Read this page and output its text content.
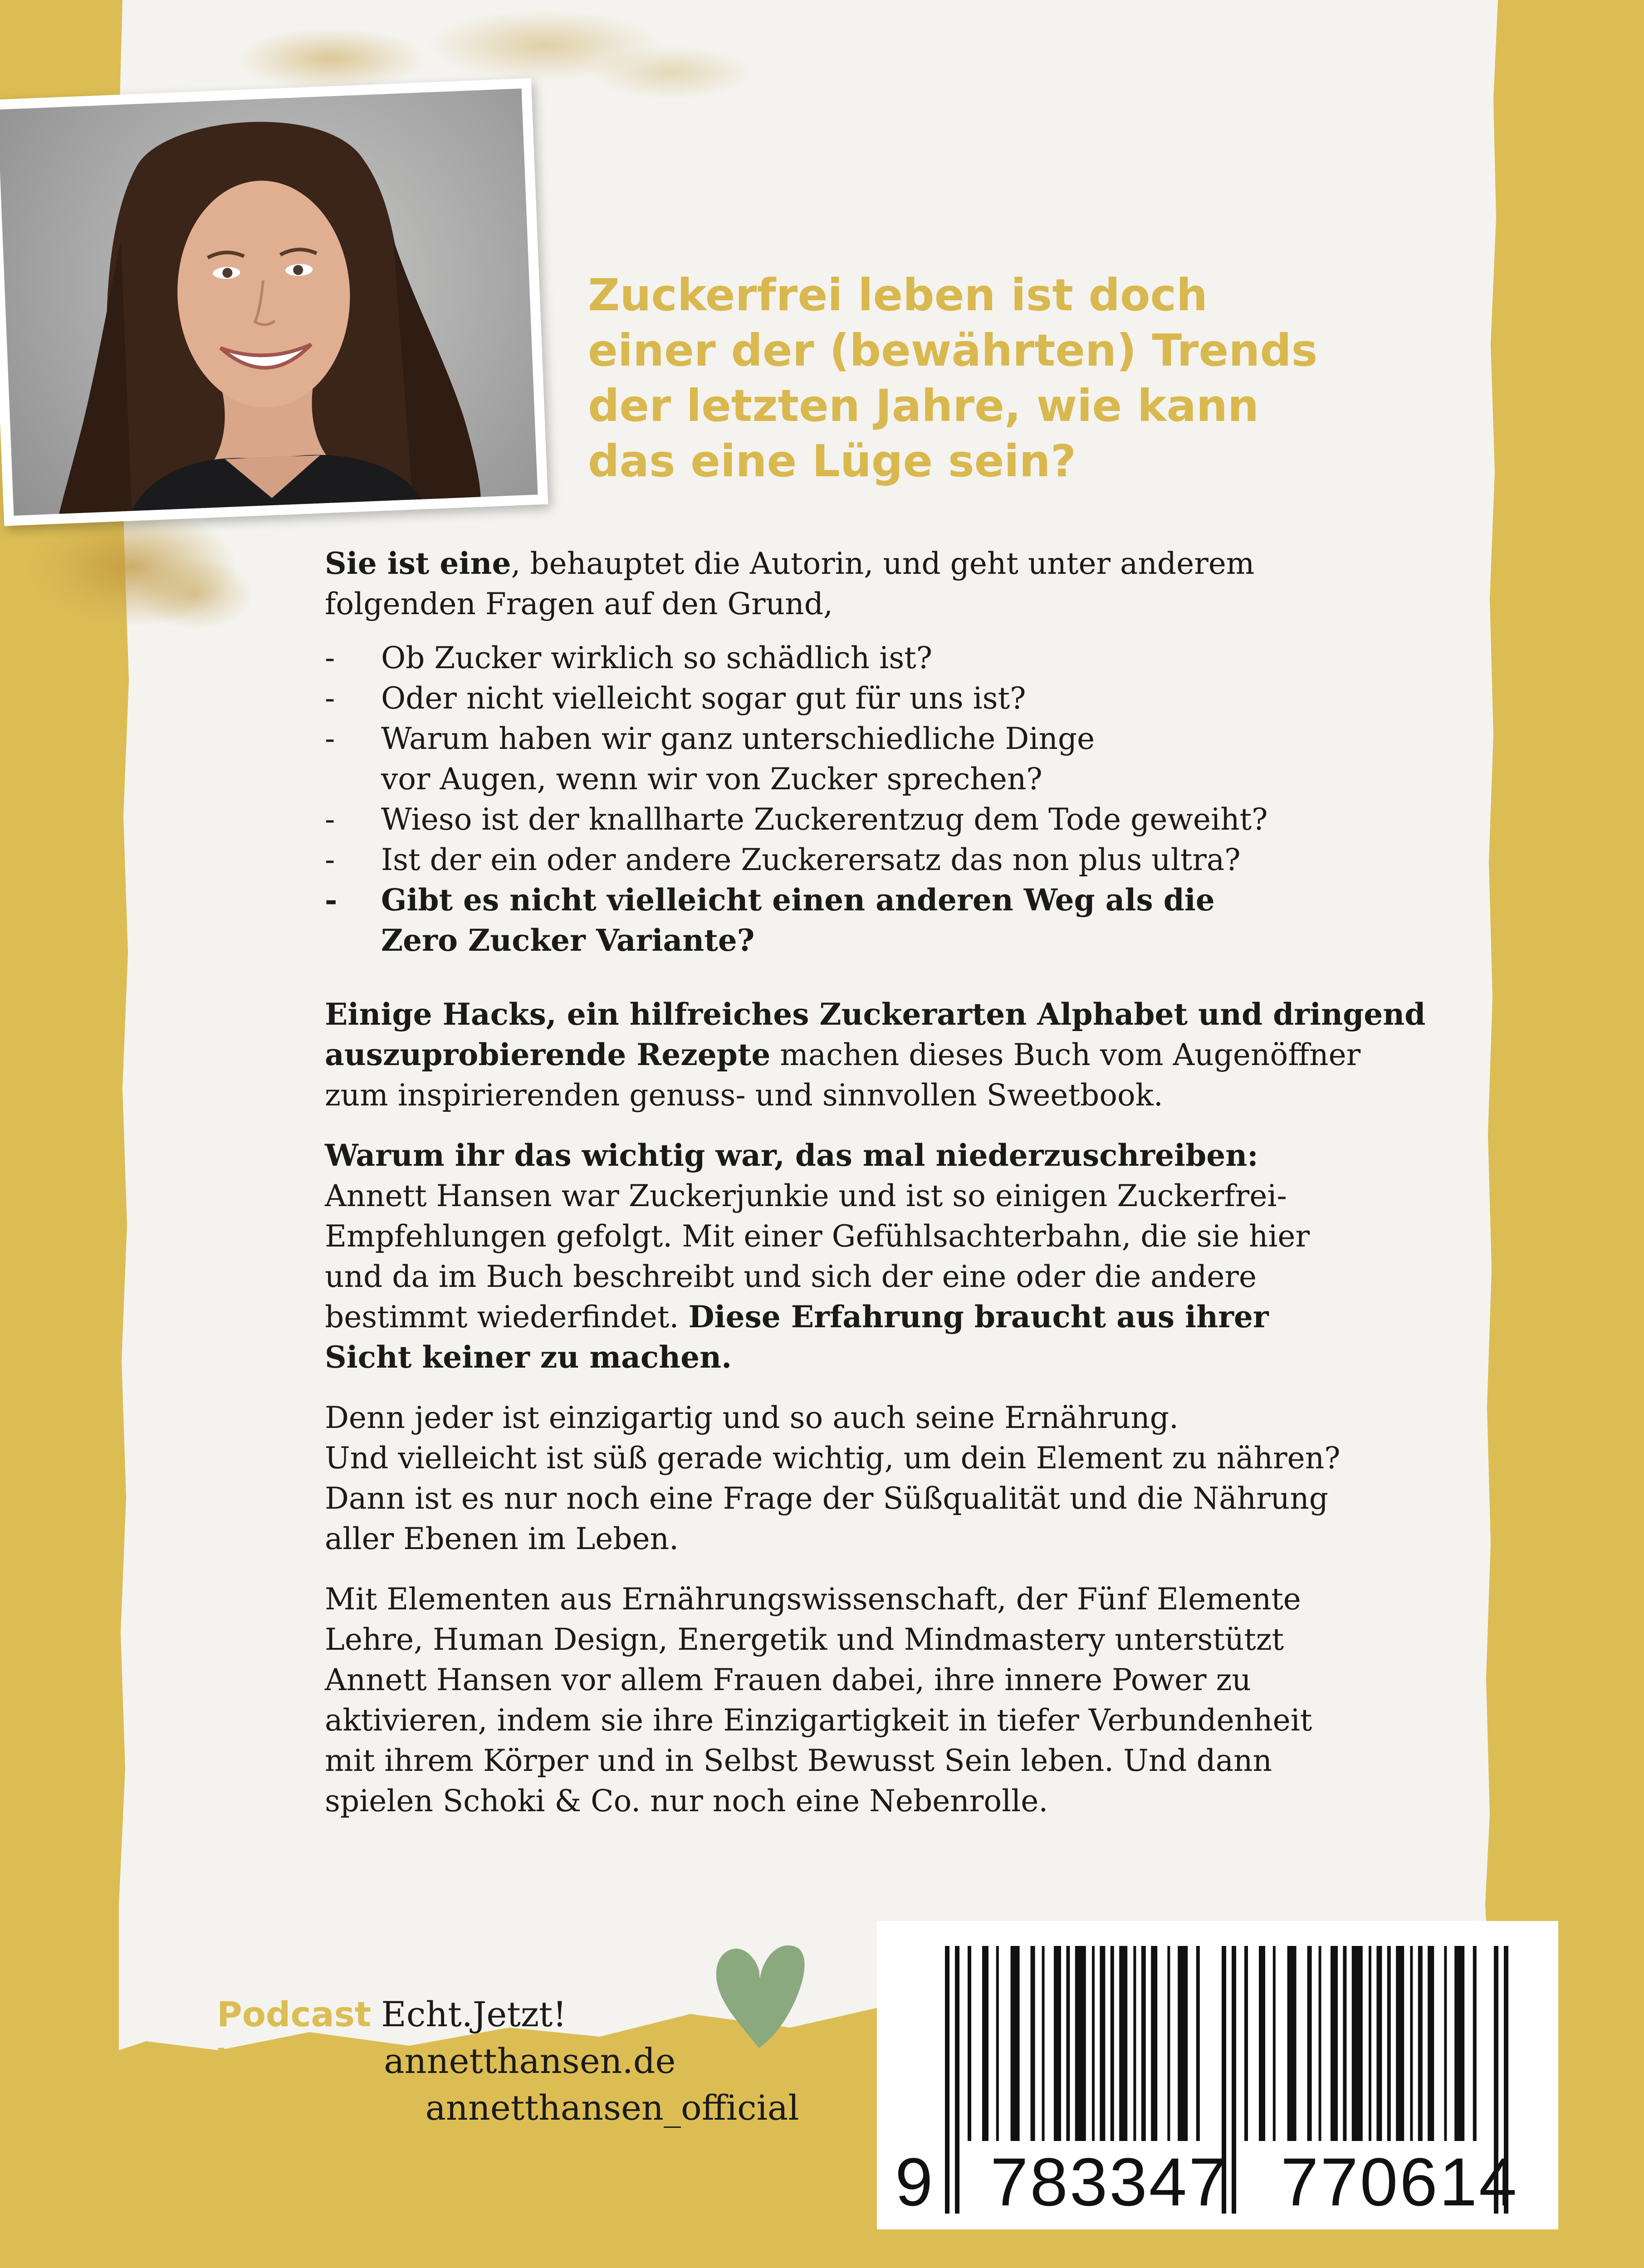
Zuckerfrei leben ist doch
einer der (bewährten) Trends
der letzten Jahre, wie kann
das eine Lüge sein?
Sie ist eine, behauptet die Autorin, und geht unter anderem
folgenden Fragen auf den Grund,
- Ob Zucker wirklich so schädlich ist?
- Oder nicht vielleicht sogar gut für uns ist?
- Warum haben wir ganz unterschiedliche Dinge
vor Augen, wenn wir von Zucker sprechen?
- Wieso ist der knallharte Zuckerentzug dem Tode geweiht?
- Ist der ein oder andere Zuckerersatz das non plus ultra?
- Gibt es nicht vielleicht einen anderen Weg als die
Zero Zucker Variante?
Einige Hacks, ein hilfreiches Zuckerarten Alphabet und dringend
auszuprobierende Rezepte machen dieses Buch vom Augenöffner
zum inspirierenden genuss- und sinnvollen Sweetbook.
Warum ihr das wichtig war, das mal niederzuschreiben:
Annett Hansen war Zuckerjunkie und ist so einigen Zuckerfrei-
Empfehlungen gefolgt. Mit einer Gefühlsachterbahn, die sie hier
und da im Buch beschreibt und sich der eine oder die andere
bestimmt wiederfindet. Diese Erfahrung braucht aus ihrer
Sicht keiner zu machen.
Denn jeder ist einzigartig und so auch seine Ernährung.
Und vielleicht ist süß gerade wichtig, um dein Element zu nähren?
Dann ist es nur noch eine Frage der Süßqualität und die Nährung
aller Ebenen im Leben.
Mit Elementen aus Ernährungswissenschaft, der Fünf Elemente
Lehre, Human Design, Energetik und Mindmastery unterstützt
Annett Hansen vor allem Frauen dabei, ihre innere Power zu
aktivieren, indem sie ihre Einzigartigkeit in tiefer Verbundenheit
mit ihrem Körper und in Selbst Bewusst Sein leben. Und dann
spielen Schoki & Co. nur noch eine Nebenrolle.
Podcast Echt.Jetzt!
Website annetthansen.de
Instagram annetthansen_official
9 783347 770614
